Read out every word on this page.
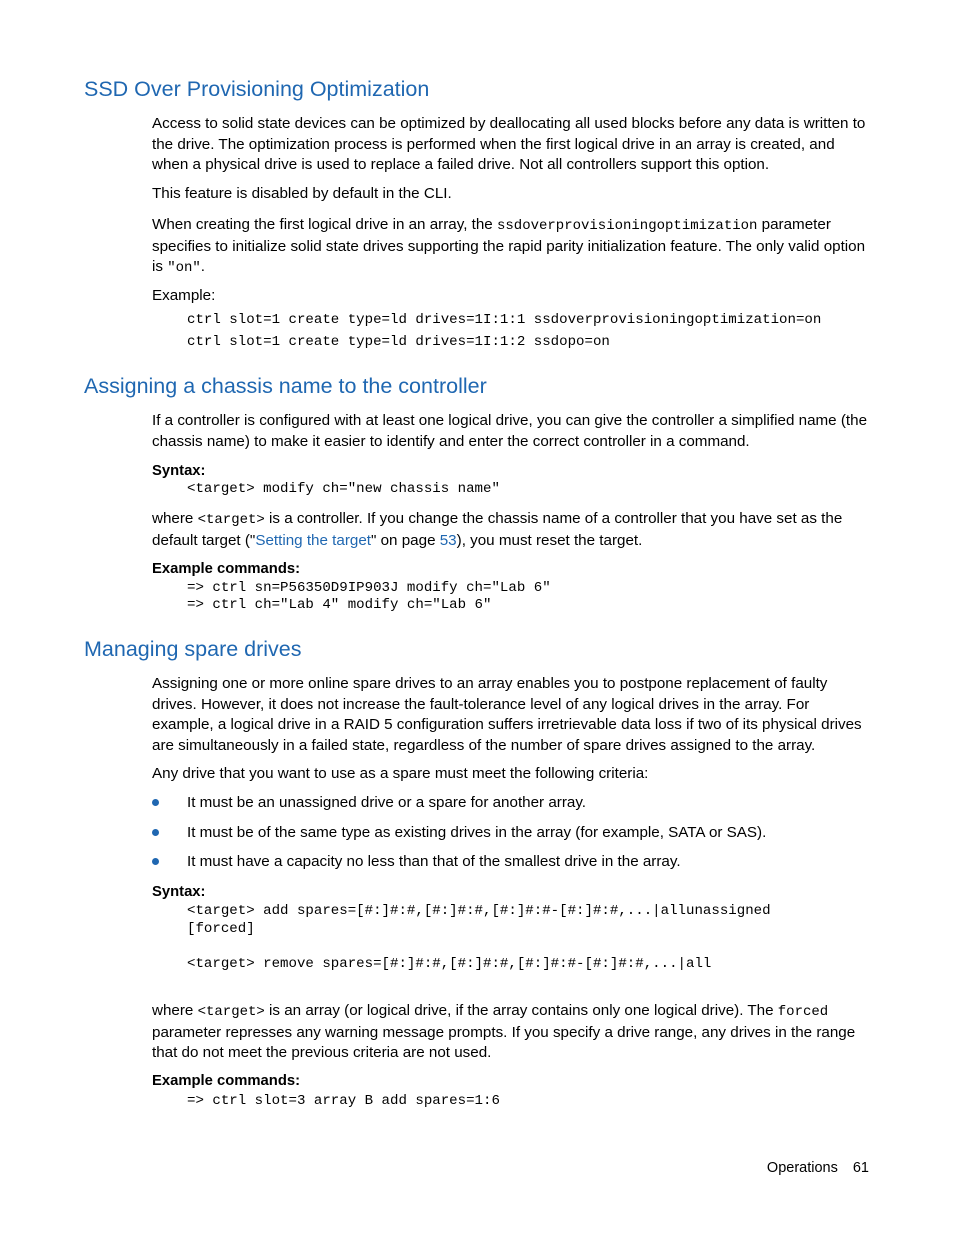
SSD Over Provisioning Optimization

Access to solid state devices can be optimized by deallocating all used blocks before any data is written to the drive. The optimization process is performed when the first logical drive in an array is created, and when a physical drive is used to replace a failed drive. Not all controllers support this option.

This feature is disabled by default in the CLI.

When creating the first logical drive in an array, the ssdoverprovisioningoptimization parameter specifies to initialize solid state drives supporting the rapid parity initialization feature. The only valid option is "on".

Example:

ctrl slot=1 create type=ld drives=1I:1:1 ssdoverprovisioningoptimization=on
ctrl slot=1 create type=ld drives=1I:1:2 ssdopo=on
Assigning a chassis name to the controller

If a controller is configured with at least one logical drive, you can give the controller a simplified name (the chassis name) to make it easier to identify and enter the correct controller in a command.

Syntax:
<target> modify ch="new chassis name"

where <target> is a controller. If you change the chassis name of a controller that you have set as the default target ("Setting the target" on page 53), you must reset the target.

Example commands:
=> ctrl sn=P56350D9IP903J modify ch="Lab 6"
=> ctrl ch="Lab 4" modify ch="Lab 6"
Managing spare drives

Assigning one or more online spare drives to an array enables you to postpone replacement of faulty drives. However, it does not increase the fault-tolerance level of any logical drives in the array. For example, a logical drive in a RAID 5 configuration suffers irretrievable data loss if two of its physical drives are simultaneously in a failed state, regardless of the number of spare drives assigned to the array.

Any drive that you want to use as a spare must meet the following criteria:

It must be an unassigned drive or a spare for another array.
It must be of the same type as existing drives in the array (for example, SATA or SAS).
It must have a capacity no less than that of the smallest drive in the array.
Syntax:
<target> add spares=[#:]#:#,[#:]#:#,[#:]#:#-[#:]#:#,...|allunassigned
[forced]
<target> remove spares=[#:]#:#,[#:]#:#,[#:]#:#-[#:]#:#,...|all

where <target> is an array (or logical drive, if the array contains only one logical drive). The forced parameter represses any warning message prompts. If you specify a drive range, any drives in the range that do not meet the previous criteria are not used.

Example commands:
=> ctrl slot=3 array B add spares=1:6
Operations 61
